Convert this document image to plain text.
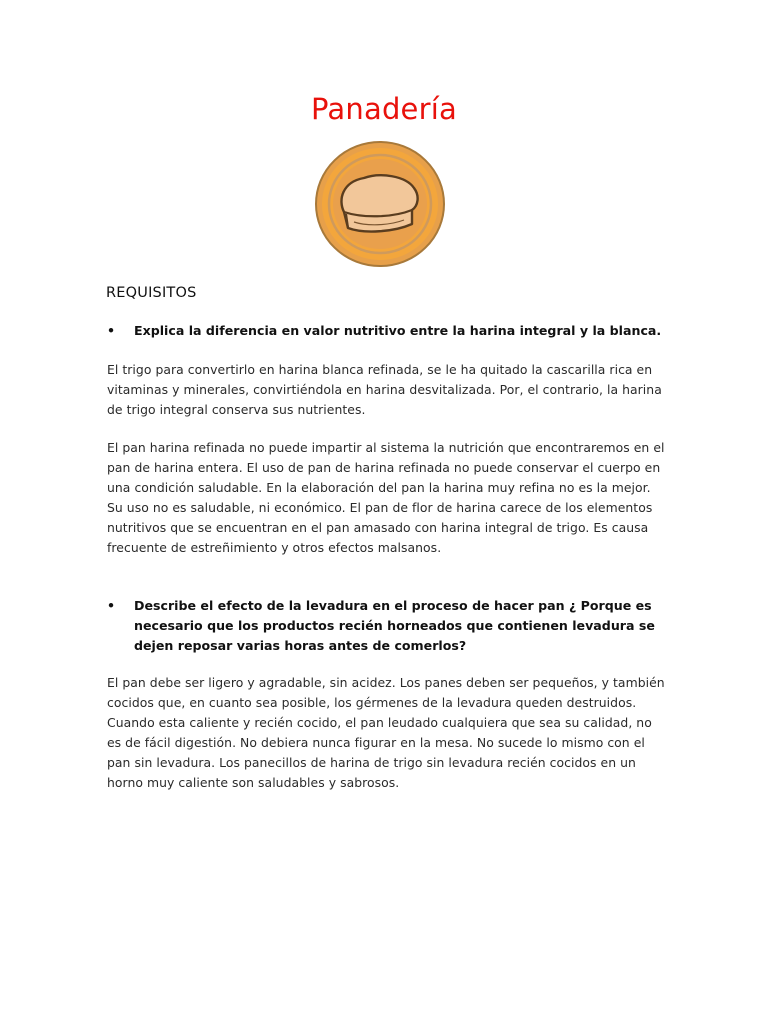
Panadería
REQUISITOS
• Explica la diferencia en valor nutritivo entre la harina integral y la blanca.

El trigo para convertirlo en harina blanca refinada, se le ha quitado la cascarilla rica en vitaminas y minerales, convirtiéndola en harina desvitalizada. Por, el contrario, la harina de trigo integral conserva sus nutrientes.

El pan harina refinada no puede impartir al sistema la nutrición que encontraremos en el pan de harina entera. El uso de pan de harina refinada no puede conservar el cuerpo en una condición saludable. En la elaboración del pan la harina muy refina no es la mejor. Su uso no es saludable, ni económico. El pan de flor de harina carece de los elementos nutritivos que se encuentran en el pan amasado con harina integral de trigo. Es causa frecuente de estreñimiento y otros efectos malsanos.

• Describe el efecto de la levadura en el proceso de hacer pan ¿ Porque es necesario que los productos recién horneados que contienen levadura se dejen reposar varias horas antes de comerlos?

El pan debe ser ligero y agradable, sin acidez. Los panes deben ser pequeños, y también cocidos que, en cuanto sea posible, los gérmenes de la levadura queden destruidos. Cuando esta caliente y recién cocido, el pan leudado cualquiera que sea su calidad, no es de fácil digestión. No debiera nunca figurar en la mesa. No sucede lo mismo con el pan sin levadura. Los panecillos de harina de trigo sin levadura recién cocidos en un horno muy caliente son saludables y sabrosos.
